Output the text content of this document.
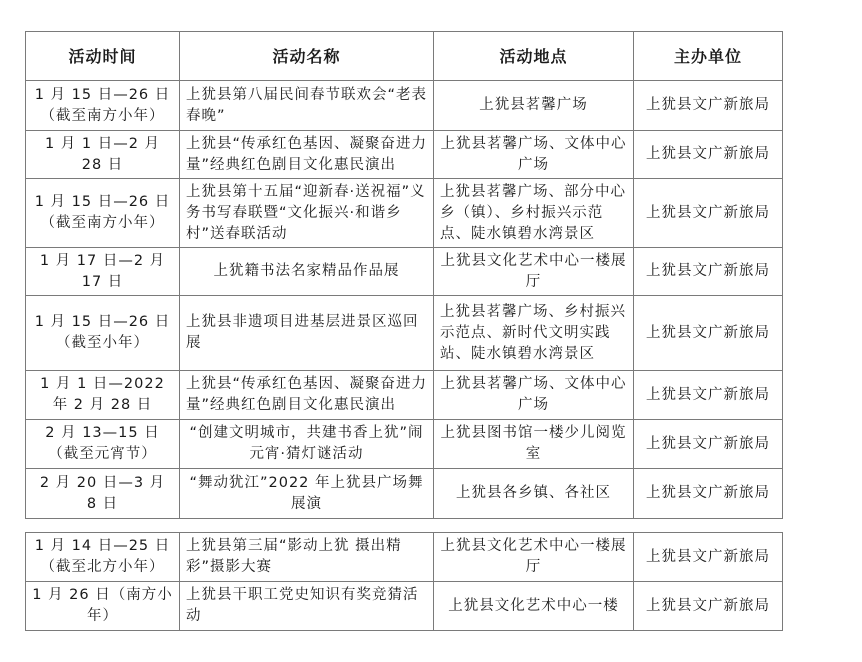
活动时间	活动名称	活动地点	主办单位
1 月 15 日—26 日（截至南方小年）	上犹县第八届民间春节联欢会“老表春晚”	上犹县茗馨广场	上犹县文广新旅局
1 月 1 日—2 月 28 日	上犹县“传承红色基因、凝聚奋进力量”经典红色剧目文化惠民演出	上犹县茗馨广场、文体中心广场	上犹县文广新旅局
1 月 15 日—26 日（截至南方小年）	上犹县第十五届“迎新春·送祝福”义务书写春联暨“文化振兴·和谐乡村”送春联活动	上犹县茗馨广场、部分中心乡（镇）、乡村振兴示范点、陡水镇碧水湾景区	上犹县文广新旅局
1 月 17 日—2 月 17 日	上犹籍书法名家精品作品展	上犹县文化艺术中心一楼展厅	上犹县文广新旅局
1 月 15 日—26 日（截至小年）	上犹县非遗项目进基层进景区巡回展	上犹县茗馨广场、乡村振兴示范点、新时代文明实践站、陡水镇碧水湾景区	上犹县文广新旅局
1 月 1 日—2022 年 2 月 28 日	上犹县“传承红色基因、凝聚奋进力量”经典红色剧目文化惠民演出	上犹县茗馨广场、文体中心广场	上犹县文广新旅局
2 月 13—15 日（截至元宵节）	“创建文明城市，共建书香上犹”闹元宵·猜灯谜活动	上犹县图书馆一楼少儿阅览室	上犹县文广新旅局
2 月 20 日—3 月 8 日	“舞动犹江”2022 年上犹县广场舞展演	上犹县各乡镇、各社区	上犹县文广新旅局
1 月 14 日—25 日（截至北方小年）	上犹县第三届“影动上犹 摄出精彩”摄影大赛	上犹县文化艺术中心一楼展厅	上犹县文广新旅局
1 月 26 日（南方小年）	上犹县干职工党史知识有奖竞猜活动	上犹县文化艺术中心一楼	上犹县文广新旅局
